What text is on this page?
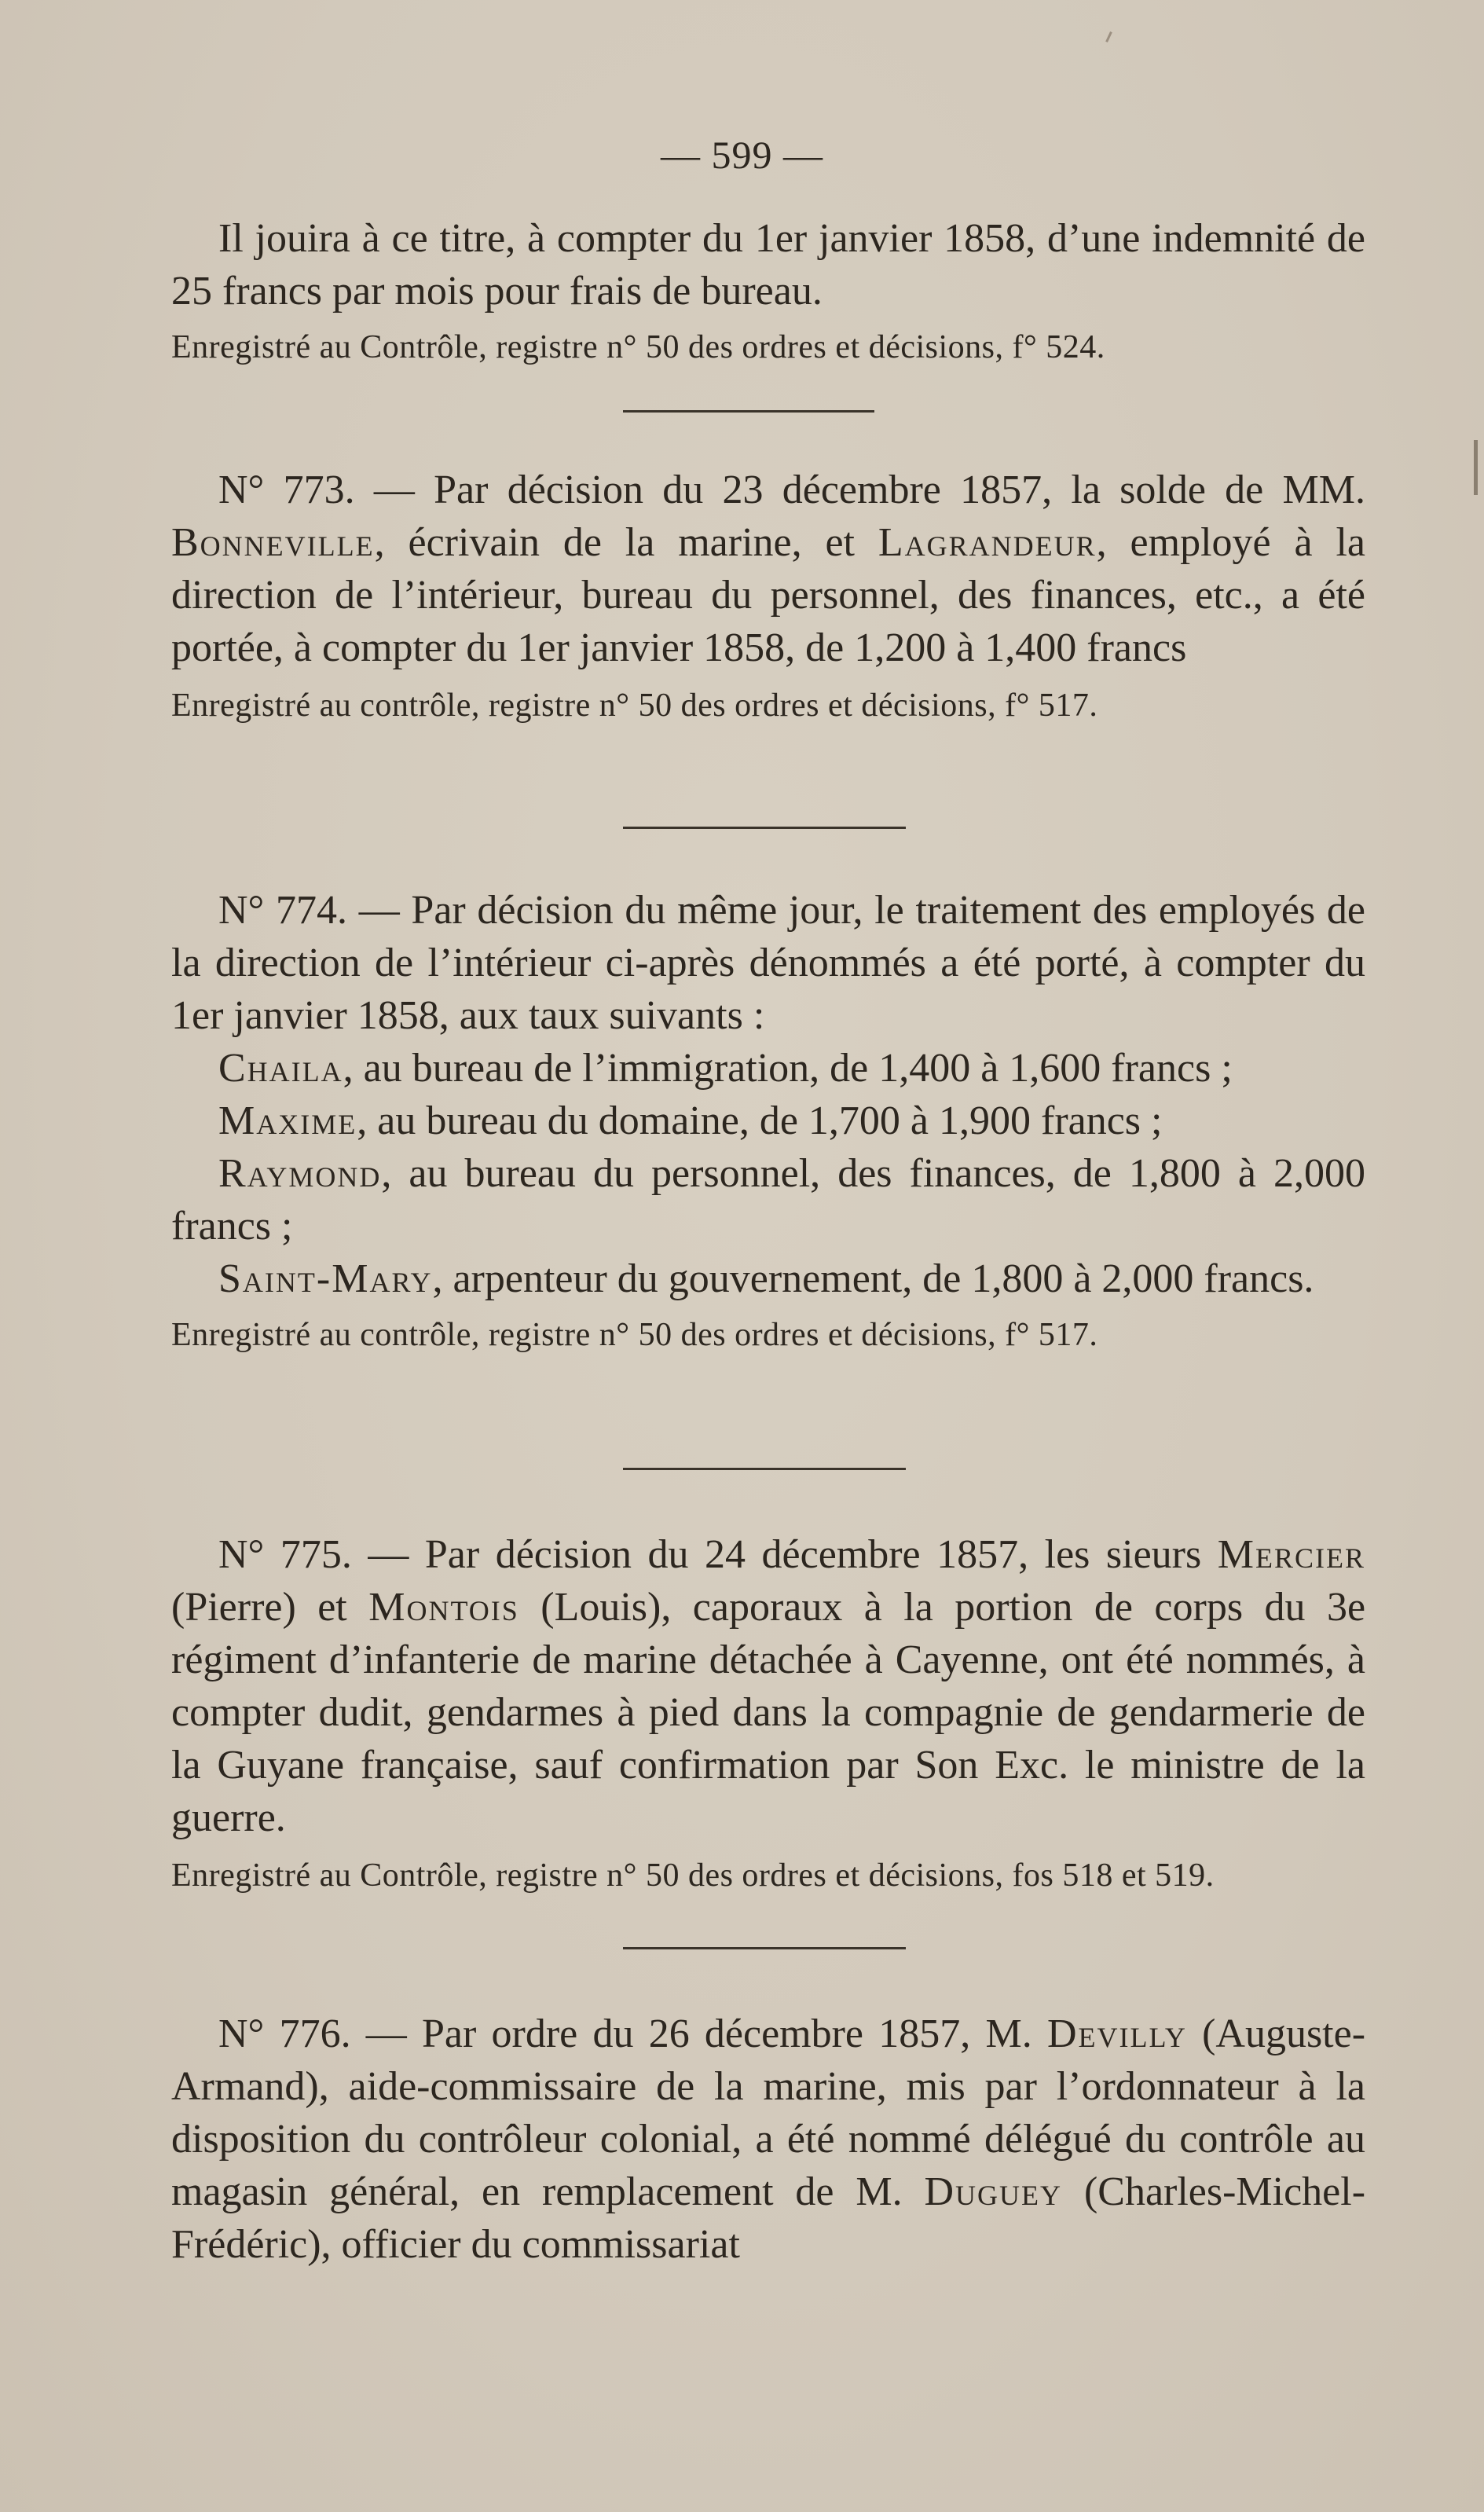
— 599 —

Il jouira à ce titre, à compter du 1er janvier 1858, d’une indemnité de 25 francs par mois pour frais de bureau.

Enregistré au Contrôle, registre n° 50 des ordres et décisions, f° 524.

N° 773. — Par décision du 23 décembre 1857, la solde de MM. Bonneville, écrivain de la marine, et Lagrandeur, employé à la direction de l’intérieur, bureau du personnel, des finances, etc., a été portée, à compter du 1er janvier 1858, de 1,200 à 1,400 francs

Enregistré au contrôle, registre n° 50 des ordres et décisions, f° 517.

N° 774. — Par décision du même jour, le traitement des employés de la direction de l’intérieur ci-après dénommés a été porté, à compter du 1er janvier 1858, aux taux suivants :

Chaila, au bureau de l’immigration, de 1,400 à 1,600 francs ;

Maxime, au bureau du domaine, de 1,700 à 1,900 francs ;

Raymond, au bureau du personnel, des finances, de 1,800 à 2,000 francs ;

Saint-Mary, arpenteur du gouvernement, de 1,800 à 2,000 francs.

Enregistré au contrôle, registre n° 50 des ordres et décisions, f° 517.

N° 775. — Par décision du 24 décembre 1857, les sieurs Mercier (Pierre) et Montois (Louis), caporaux à la portion de corps du 3e régiment d’infanterie de marine détachée à Cayenne, ont été nommés, à compter dudit, gendarmes à pied dans la compagnie de gendarmerie de la Guyane française, sauf confirmation par Son Exc. le ministre de la guerre.

Enregistré au Contrôle, registre n° 50 des ordres et décisions, fos 518 et 519.

N° 776. — Par ordre du 26 décembre 1857, M. Devilly (Auguste-Armand), aide-commissaire de la marine, mis par l’ordonnateur à la disposition du contrôleur colonial, a été nommé délégué du contrôle au magasin général, en remplacement de M. Duguey (Charles-Michel-Frédéric), officier du commissariat
